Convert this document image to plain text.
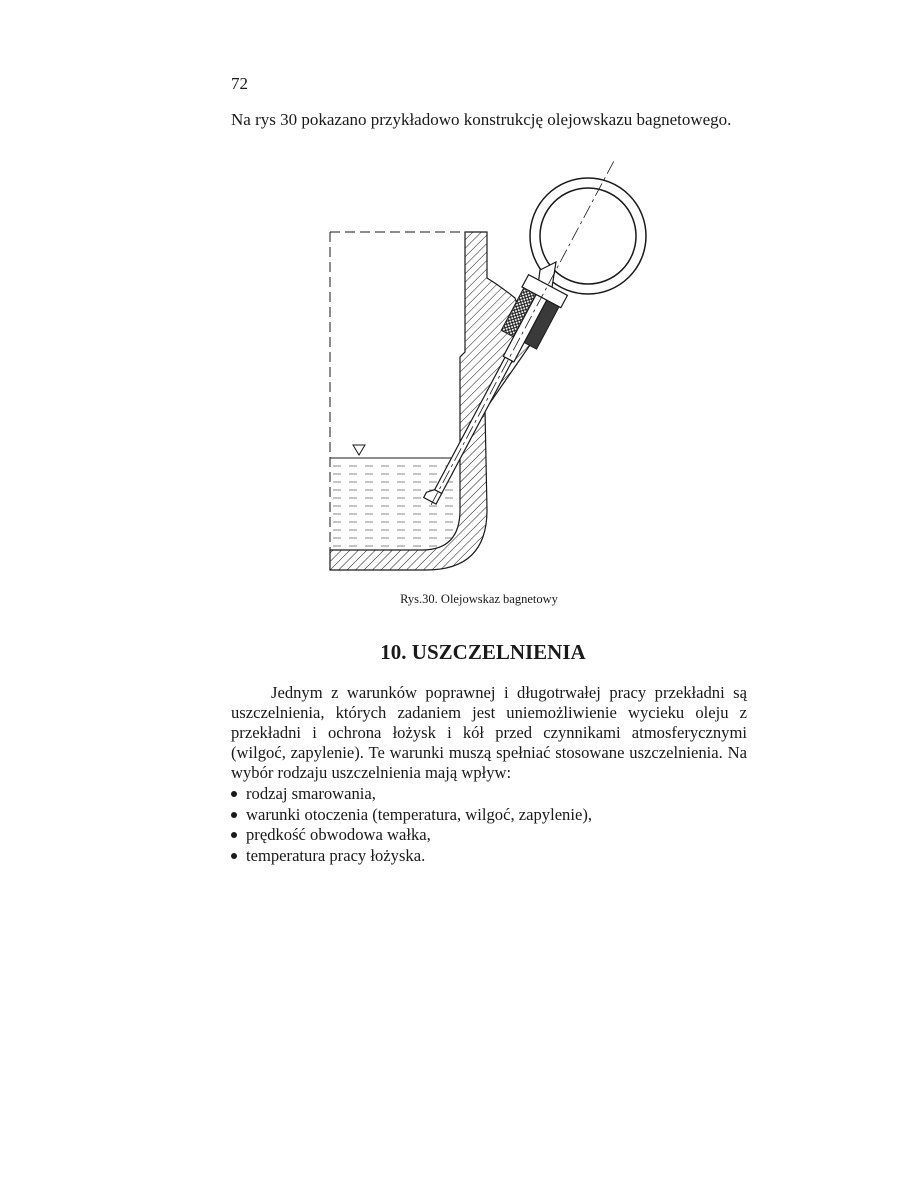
72
Na rys 30 pokazano przykładowo konstrukcję olejowskazu bagnetowego.
Rys.30. Olejowskaz bagnetowy
10. USZCZELNIENIA

Jednym z warunków poprawnej i długotrwałej pracy przekładni są uszczelnienia, których zadaniem jest uniemożliwienie wycieku oleju z przekładni i ochrona łożysk i kół przed czynnikami atmosferycznymi (wilgoć, zapylenie). Te warunki muszą spełniać stosowane uszczelnienia. Na wybór rodzaju uszczelnienia mają wpływ:

rodzaj smarowania,
warunki otoczenia (temperatura, wilgoć, zapylenie),
prędkość obwodowa wałka,
temperatura pracy łożyska.
